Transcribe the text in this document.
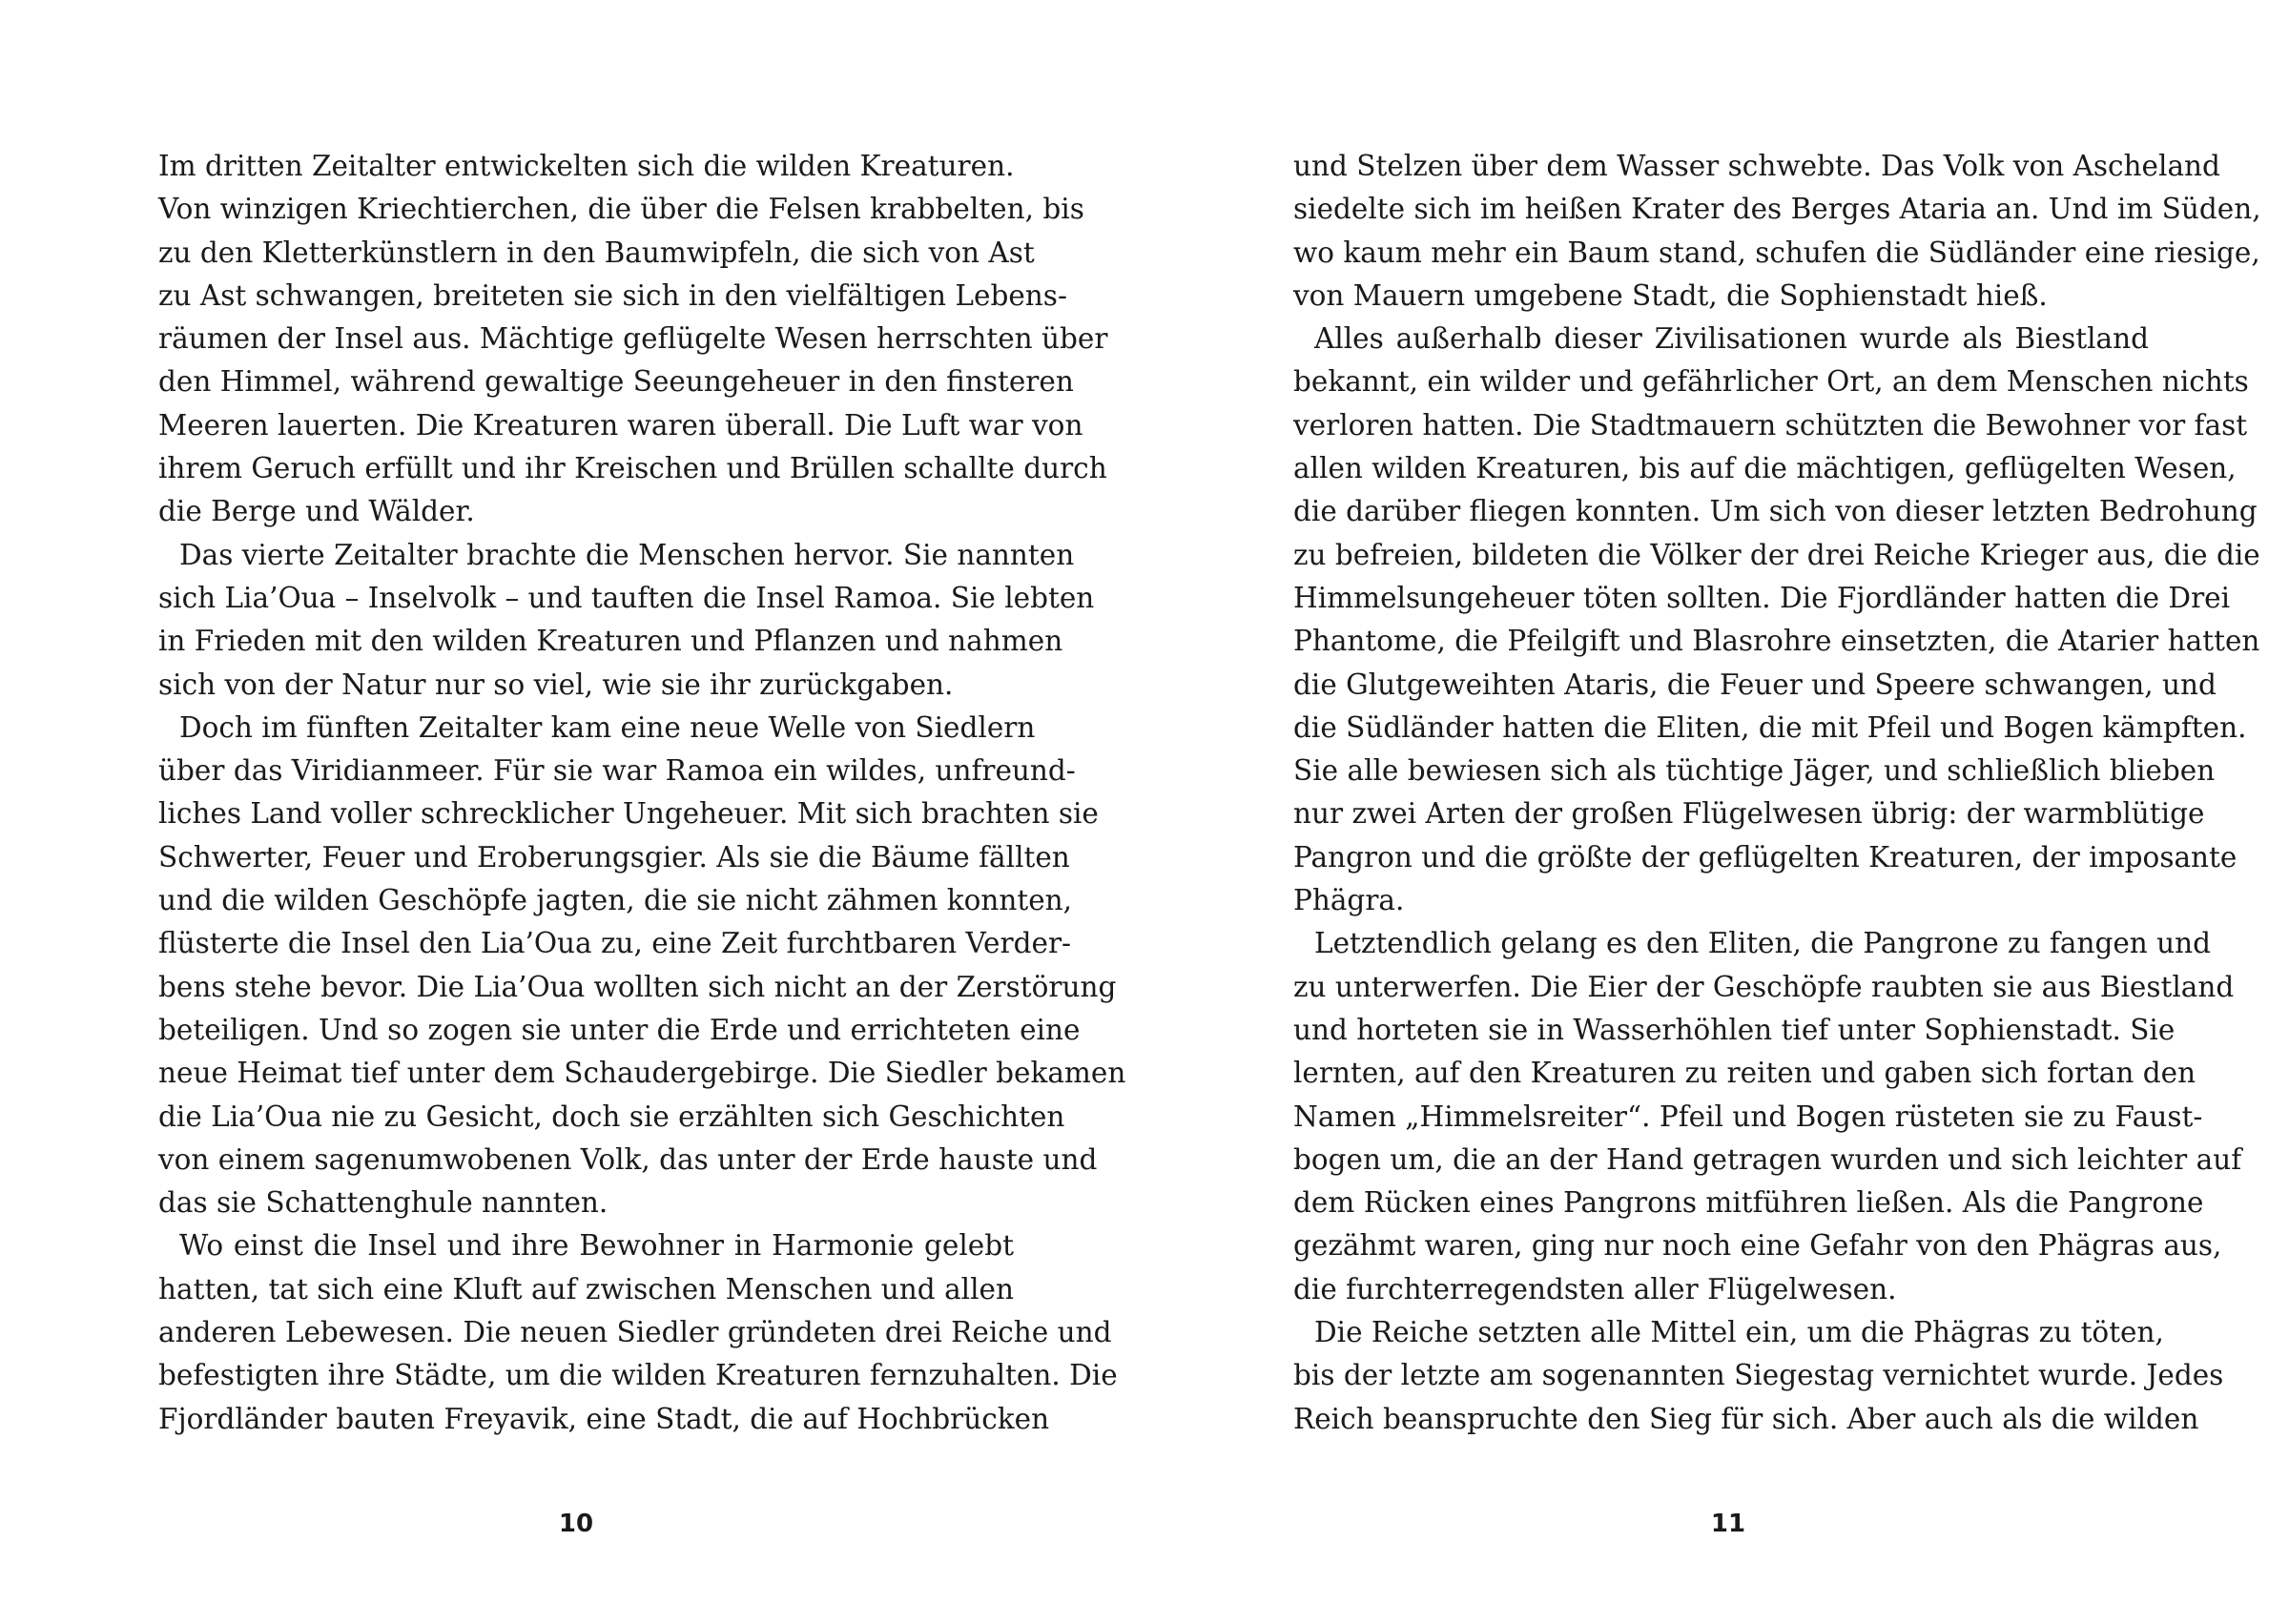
Im dritten Zeitalter entwickelten sich die wilden Kreaturen.
Von winzigen Kriechtierchen, die über die Felsen krabbelten, bis
zu den Kletterkünstlern in den Baumwipfeln, die sich von Ast
zu Ast schwangen, breiteten sie sich in den vielfältigen Lebens-
räumen der Insel aus. Mächtige geflügelte Wesen herrschten über
den Himmel, während gewaltige Seeungeheuer in den finsteren
Meeren lauerten. Die Kreaturen waren überall. Die Luft war von
ihrem Geruch erfüllt und ihr Kreischen und Brüllen schallte durch
die Berge und Wälder.
Das vierte Zeitalter brachte die Menschen hervor. Sie nannten
sich Lia’Oua – Inselvolk – und tauften die Insel Ramoa. Sie lebten
in Frieden mit den wilden Kreaturen und Pflanzen und nahmen
sich von der Natur nur so viel, wie sie ihr zurückgaben.
Doch im fünften Zeitalter kam eine neue Welle von Siedlern
über das Viridianmeer. Für sie war Ramoa ein wildes, unfreund-
liches Land voller schrecklicher Ungeheuer. Mit sich brachten sie
Schwerter, Feuer und Eroberungsgier. Als sie die Bäume fällten
und die wilden Geschöpfe jagten, die sie nicht zähmen konnten,
flüsterte die Insel den Lia’Oua zu, eine Zeit furchtbaren Verder-
bens stehe bevor. Die Lia’Oua wollten sich nicht an der Zerstörung
beteiligen. Und so zogen sie unter die Erde und errichteten eine
neue Heimat tief unter dem Schaudergebirge. Die Siedler bekamen
die Lia’Oua nie zu Gesicht, doch sie erzählten sich Geschichten
von einem sagenumwobenen Volk, das unter der Erde hauste und
das sie Schattenghule nannten.
Wo einst die Insel und ihre Bewohner in Harmonie gelebt
hatten, tat sich eine Kluft auf zwischen Menschen und allen
anderen Lebewesen. Die neuen Siedler gründeten drei Reiche und
befestigten ihre Städte, um die wilden Kreaturen fernzuhalten. Die
Fjordländer bauten Freyavik, eine Stadt, die auf Hochbrücken
und Stelzen über dem Wasser schwebte. Das Volk von Ascheland
siedelte sich im heißen Krater des Berges Ataria an. Und im Süden,
wo kaum mehr ein Baum stand, schufen die Südländer eine riesige,
von Mauern umgebene Stadt, die Sophienstadt hieß.
Alles außerhalb dieser Zivilisationen wurde als Biestland
bekannt, ein wilder und gefährlicher Ort, an dem Menschen nichts
verloren hatten. Die Stadtmauern schützten die Bewohner vor fast
allen wilden Kreaturen, bis auf die mächtigen, geflügelten Wesen,
die darüber fliegen konnten. Um sich von dieser letzten Bedrohung
zu befreien, bildeten die Völker der drei Reiche Krieger aus, die die
Himmelsungeheuer töten sollten. Die Fjordländer hatten die Drei
Phantome, die Pfeilgift und Blasrohre einsetzten, die Atarier hatten
die Glutgeweihten Ataris, die Feuer und Speere schwangen, und
die Südländer hatten die Eliten, die mit Pfeil und Bogen kämpften.
Sie alle bewiesen sich als tüchtige Jäger, und schließlich blieben
nur zwei Arten der großen Flügelwesen übrig: der warmblütige
Pangron und die größte der geflügelten Kreaturen, der imposante
Phägra.
Letztendlich gelang es den Eliten, die Pangrone zu fangen und
zu unterwerfen. Die Eier der Geschöpfe raubten sie aus Biestland
und horteten sie in Wasserhöhlen tief unter Sophienstadt. Sie
lernten, auf den Kreaturen zu reiten und gaben sich fortan den
Namen „Himmelsreiter“. Pfeil und Bogen rüsteten sie zu Faust-
bogen um, die an der Hand getragen wurden und sich leichter auf
dem Rücken eines Pangrons mitführen ließen. Als die Pangrone
gezähmt waren, ging nur noch eine Gefahr von den Phägras aus,
die furchterregendsten aller Flügelwesen.
Die Reiche setzten alle Mittel ein, um die Phägras zu töten,
bis der letzte am sogenannten Siegestag vernichtet wurde. Jedes
Reich beanspruchte den Sieg für sich. Aber auch als die wilden
10	11
